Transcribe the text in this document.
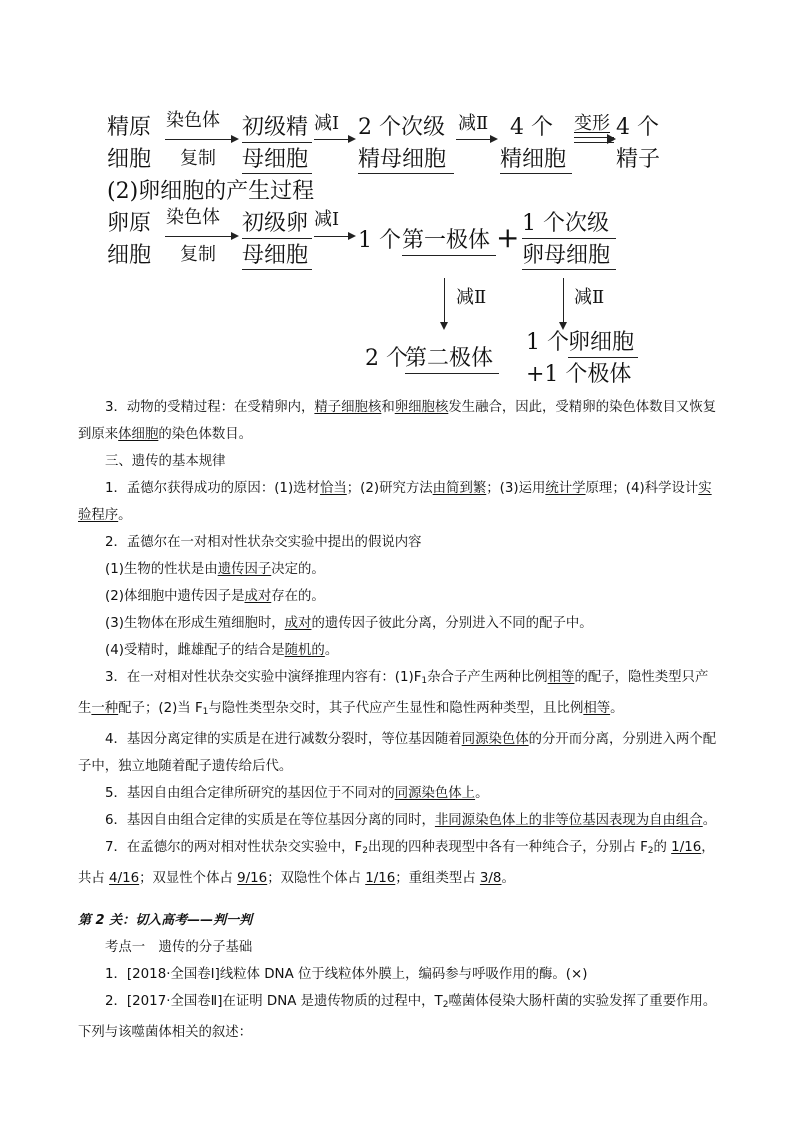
精原
细胞
染色体
复制
初级精
母细胞
减Ⅰ 2 个次级
精母细胞
减Ⅱ 4 个
精细胞
变形 4 个
精子
(2)卵细胞的产生过程
卵原
细胞
染色体
复制
初级卵
母细胞
减Ⅰ
1 个 第一极体 + 1 个次级
卵母细胞
减Ⅱ	减Ⅱ
2 个
第二极体
1 个 卵细胞
+1 个极体

3．动物的受精过程：在受精卵内，精子细胞核和卵细胞核发生融合，因此，受精卵的染色体数目又恢复到原来体细胞的染色体数目。

三、遗传的基本规律

1．孟德尔获得成功的原因：(1)选材恰当；(2)研究方法由简到繁；(3)运用统计学原理；(4)科学设计实验程序。

2．孟德尔在一对相对性状杂交实验中提出的假说内容

(1)生物的性状是由遗传因子决定的。

(2)体细胞中遗传因子是成对存在的。

(3)生物体在形成生殖细胞时，成对的遗传因子彼此分离，分别进入不同的配子中。

(4)受精时，雌雄配子的结合是随机的。

3．在一对相对性状杂交实验中演绎推理内容有：$(1)F_1$杂合子产生两种比例相等的配子，隐性类型只产生一种配子；(2)当 $F_1$与隐性类型杂交时，其子代应产生显性和隐性两种类型，且比例相等。

4．基因分离定律的实质是在进行减数分裂时，等位基因随着同源染色体的分开而分离，分别进入两个配子中，独立地随着配子遗传给后代。

5．基因自由组合定律所研究的基因位于不同对的同源染色体上。

6．基因自由组合定律的实质是在等位基因分离的同时，非同源染色体上的非等位基因表现为自由组合。

7．在孟德尔的两对相对性状杂交实验中，$F_2$出现的四种表现型中各有一种纯合子，分别占 $F_2$的 1/16，共占 4/16；双显性个体占 9/16；双隐性个体占 1/16；重组类型占 3/8。

第 2 关：切入高考——判一判

考点一　遗传的分子基础

1．[2018·全国卷Ⅰ]线粒体 DNA 位于线粒体外膜上，编码参与呼吸作用的酶。(×)

2．[2017·全国卷Ⅱ]在证明 DNA 是遗传物质的过程中，$T_2$噬菌体侵染大肠杆菌的实验发挥了重要作用。下列与该噬菌体相关的叙述：
